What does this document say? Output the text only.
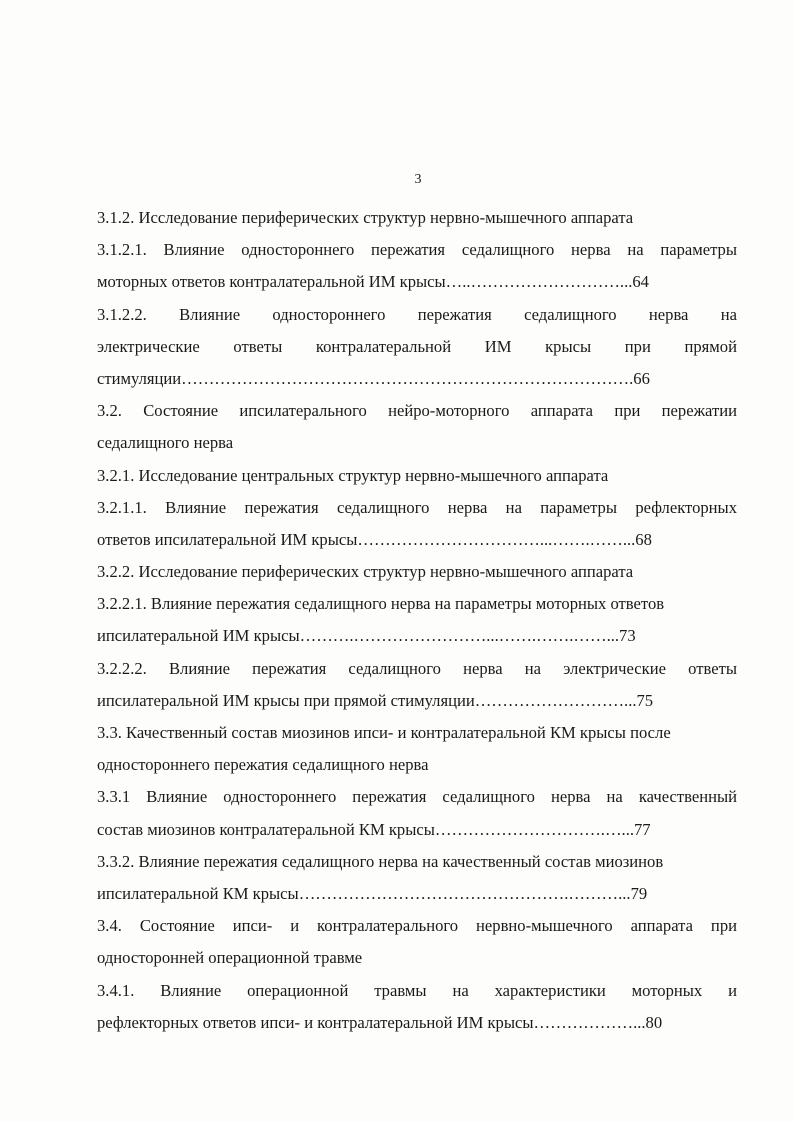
3
3.1.2. Исследование периферических структур нервно-мышечного аппарата
3.1.2.1. Влияние одностороннего пережатия седалищного нерва на параметры
моторных ответов контралатеральной ИМ крысы…..………………………...64
3.1.2.2. Влияние одностороннего пережатия седалищного нерва на
электрические ответы контралатеральной ИМ крысы при прямой
стимуляции……………………………………………………………………….66
3.2. Состояние ипсилатерального нейро-моторного аппарата при пережатии
седалищного нерва
3.2.1. Исследование центральных структур нервно-мышечного аппарата
3.2.1.1. Влияние пережатия седалищного нерва на параметры рефлекторных
ответов ипсилатеральной ИМ крысы……………………………...…….……...68
3.2.2. Исследование периферических структур нервно-мышечного аппарата
3.2.2.1. Влияние пережатия седалищного нерва на параметры моторных ответов
ипсилатеральной ИМ крысы……….……………………...…….…….……...73
3.2.2.2. Влияние пережатия седалищного нерва на электрические ответы
ипсилатеральной ИМ крысы при прямой стимуляции………………………...75
3.3. Качественный состав миозинов ипси- и контралатеральной КМ крысы после
одностороннего пережатия седалищного нерва
3.3.1 Влияние одностороннего пережатия седалищного нерва на качественный
состав миозинов контралатеральной КМ крысы………………………….…...77
3.3.2. Влияние пережатия седалищного нерва на качественный состав миозинов
ипсилатеральной КМ крысы………………………………………….………...79
3.4. Состояние ипси- и контралатерального нервно-мышечного аппарата при
односторонней операционной травме
3.4.1. Влияние операционной травмы на характеристики моторных и
рефлекторных ответов ипси- и контралатеральной ИМ крысы………………...80
